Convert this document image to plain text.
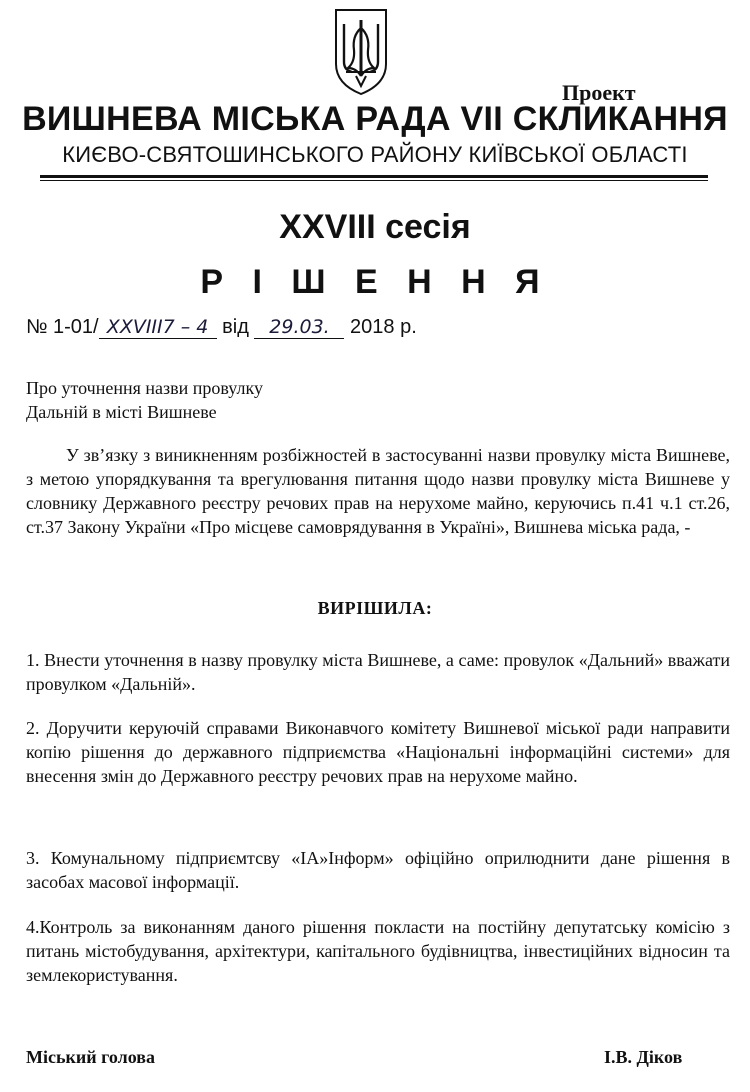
Проект
ВИШНЕВА МІСЬКА РАДА VII СКЛИКАННЯ
КИЄВО-СВЯТОШИНСЬКОГО РАЙОНУ КИЇВСЬКОЇ ОБЛАСТІ
XXVIII сесія
Р І Ш Е Н Н Я
№ 1-01/ XXVIII7 – 4 від 29.03. 2018 р.
Про уточнення назви провулку
Дальній в місті Вишневе

У зв’язку з виникненням розбіжностей в застосуванні назви провулку міста Вишневе, з метою упорядкування та врегулювання питання щодо назви провулку міста Вишневе у словнику Державного реєстру речових прав на нерухоме майно, керуючись п.41 ч.1 ст.26, ст.37 Закону України «Про місцеве самоврядування в Україні», Вишнева міська рада, -

ВИРІШИЛА:

1. Внести уточнення в назву провулку міста Вишневе, а саме: провулок «Дальний» вважати провулком «Дальній».

2. Доручити керуючій справами Виконавчого комітету Вишневої міської ради направити копію рішення до державного підприємства «Національні інформаційні системи» для внесення змін до Державного реєстру речових прав на нерухоме майно.

3. Комунальному підприємтсву «ІА»Інформ» офіційно оприлюднити дане рішення в засобах масової інформації.

4.Контроль за виконанням даного рішення покласти на постійну депутатську комісію з питань містобудування, архітектури, капітального будівництва, інвестиційних відносин та землекористування.

Міський голова	І.В. Діков
